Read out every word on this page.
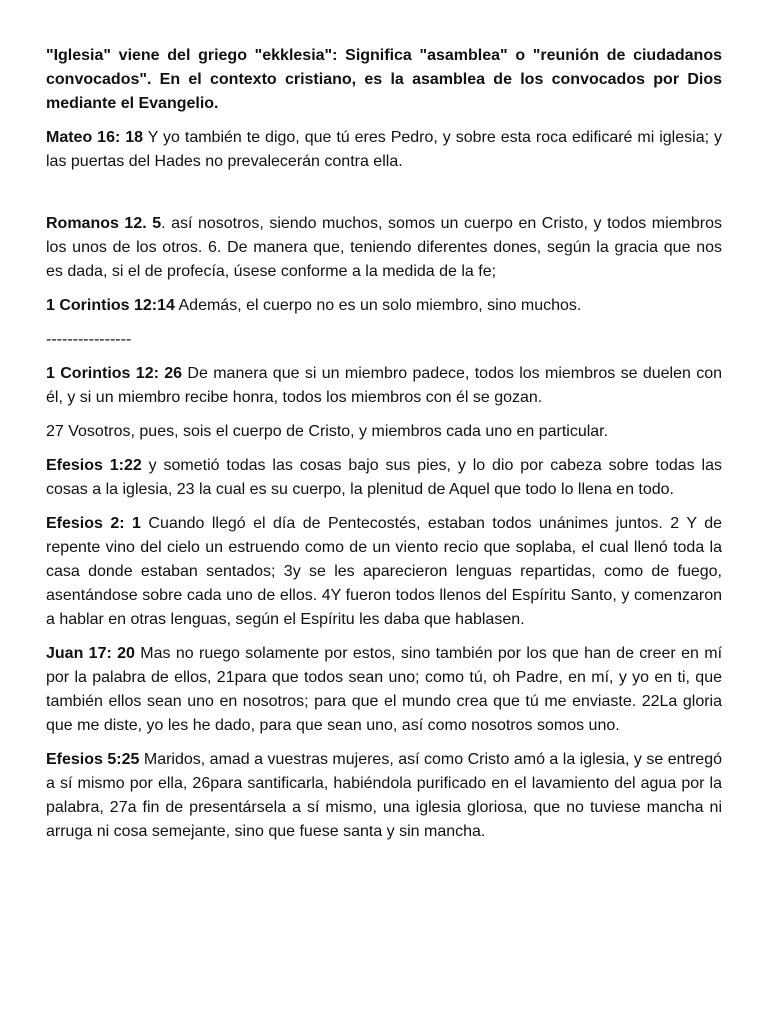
"Iglesia" viene del griego "ekklesia": Significa "asamblea" o "reunión de ciudadanos convocados". En el contexto cristiano, es la asamblea de los convocados por Dios mediante el Evangelio.

Mateo 16: 18 Y yo también te digo, que tú eres Pedro, y sobre esta roca edificaré mi iglesia; y las puertas del Hades no prevalecerán contra ella.

Romanos 12. 5. así nosotros, siendo muchos, somos un cuerpo en Cristo, y todos miembros los unos de los otros. 6. De manera que, teniendo diferentes dones, según la gracia que nos es dada, si el de profecía, úsese conforme a la medida de la fe;

1 Corintios 12:14 Además, el cuerpo no es un solo miembro, sino muchos.

----------------

1 Corintios 12: 26 De manera que si un miembro padece, todos los miembros se duelen con él, y si un miembro recibe honra, todos los miembros con él se gozan.

27 Vosotros, pues, sois el cuerpo de Cristo, y miembros cada uno en particular.

Efesios 1:22 y sometió todas las cosas bajo sus pies, y lo dio por cabeza sobre todas las cosas a la iglesia, 23 la cual es su cuerpo, la plenitud de Aquel que todo lo llena en todo.

Efesios 2: 1 Cuando llegó el día de Pentecostés, estaban todos unánimes juntos. 2 Y de repente vino del cielo un estruendo como de un viento recio que soplaba, el cual llenó toda la casa donde estaban sentados; 3y se les aparecieron lenguas repartidas, como de fuego, asentándose sobre cada uno de ellos. 4Y fueron todos llenos del Espíritu Santo, y comenzaron a hablar en otras lenguas, según el Espíritu les daba que hablasen.

Juan 17: 20 Mas no ruego solamente por estos, sino también por los que han de creer en mí por la palabra de ellos, 21para que todos sean uno; como tú, oh Padre, en mí, y yo en ti, que también ellos sean uno en nosotros; para que el mundo crea que tú me enviaste. 22La gloria que me diste, yo les he dado, para que sean uno, así como nosotros somos uno.

Efesios 5:25 Maridos, amad a vuestras mujeres, así como Cristo amó a la iglesia, y se entregó a sí mismo por ella, 26para santificarla, habiéndola purificado en el lavamiento del agua por la palabra, 27a fin de presentársela a sí mismo, una iglesia gloriosa, que no tuviese mancha ni arruga ni cosa semejante, sino que fuese santa y sin mancha.
